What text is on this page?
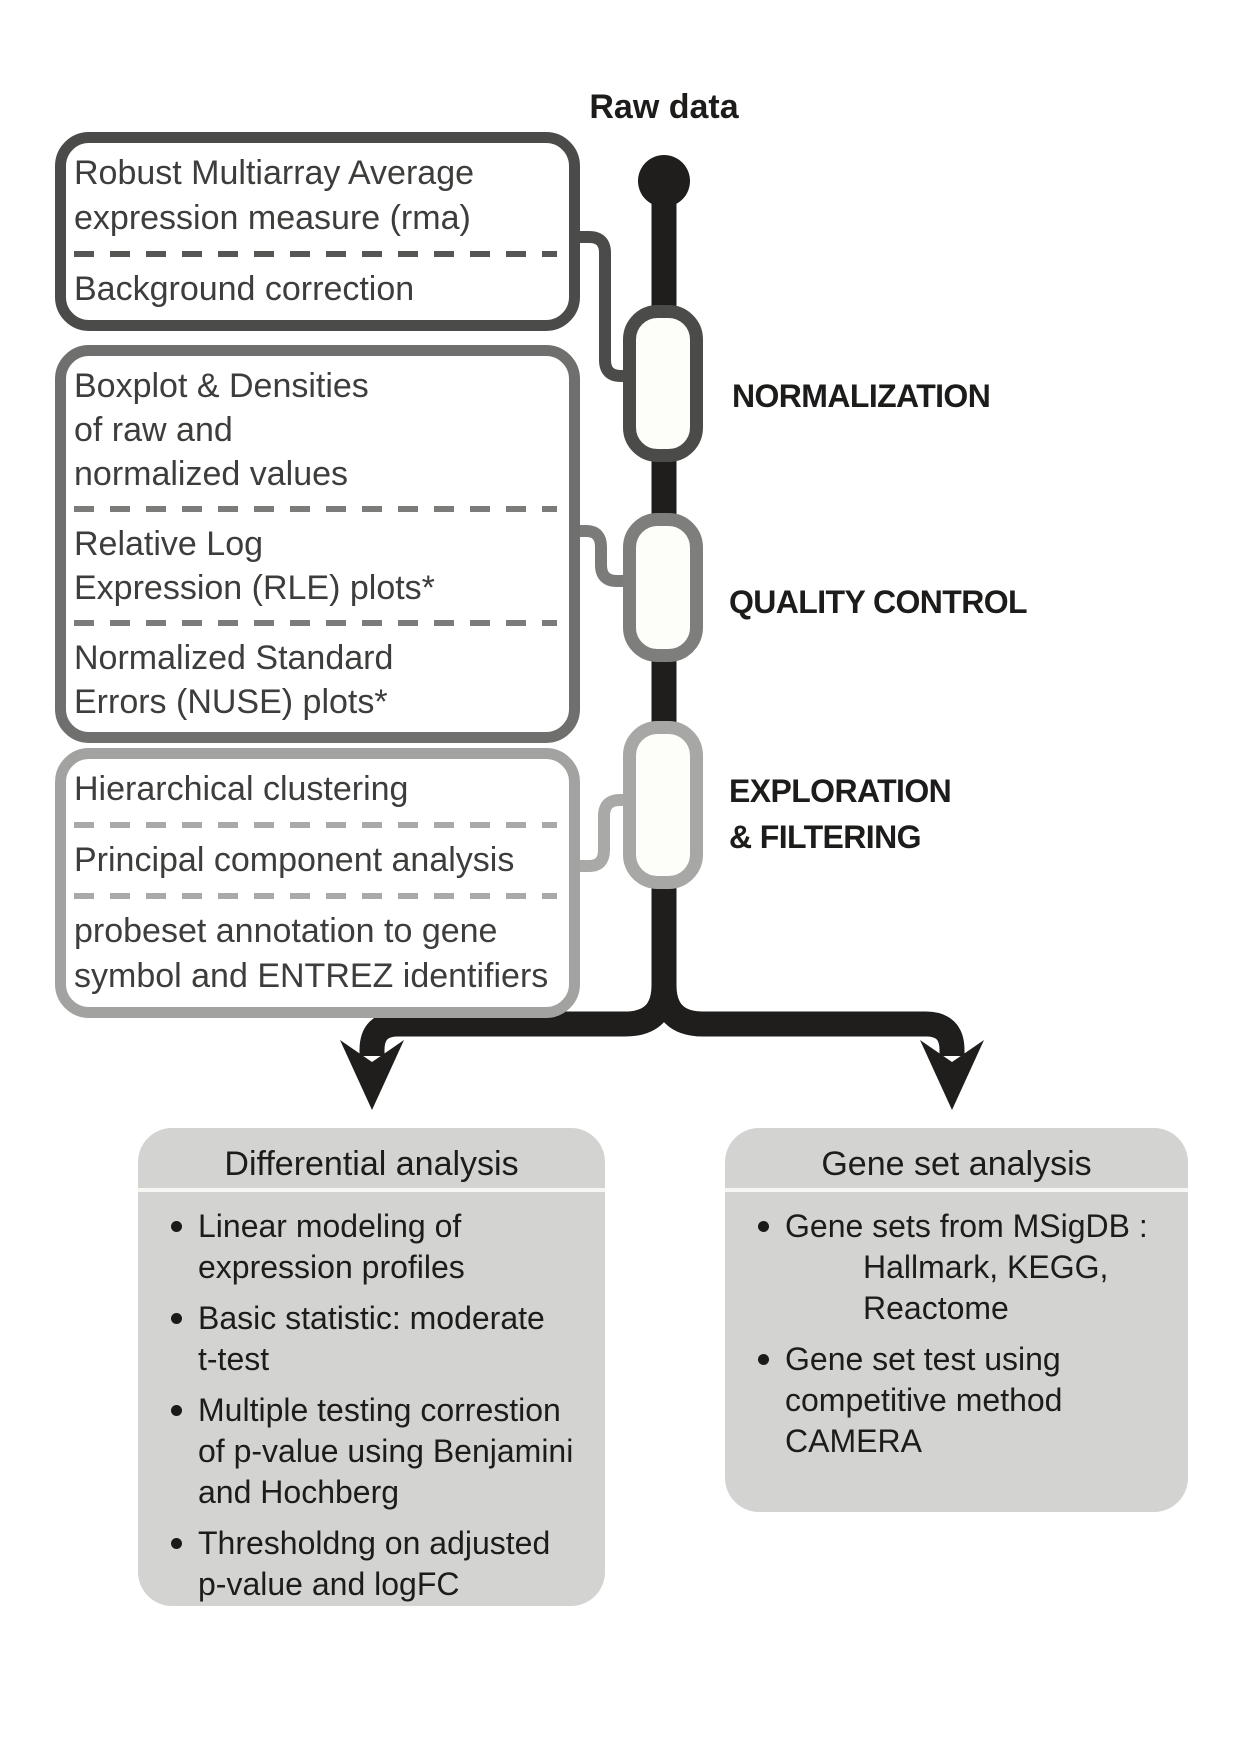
Raw data
NORMALIZATION
QUALITY CONTROL
EXPLORATION
& FILTERING
Robust Multiarray Average
expression measure (rma)
Background correction
Boxplot & Densities
of raw and
normalized values
Relative Log
Expression (RLE) plots*
Normalized Standard
Errors (NUSE) plots*
Hierarchical clustering
Principal component analysis
probeset annotation to gene
symbol and ENTREZ identifiers
Differential analysis
Linear modeling of
expression profiles
Basic statistic: moderate
t-test
Multiple testing correstion
of p-value using Benjamini
and Hochberg
Thresholdng on adjusted
p-value and logFC
Gene set analysis
Gene sets from MSigDB :
Hallmark, KEGG,
Reactome
Gene set test using
competitive method
CAMERA
